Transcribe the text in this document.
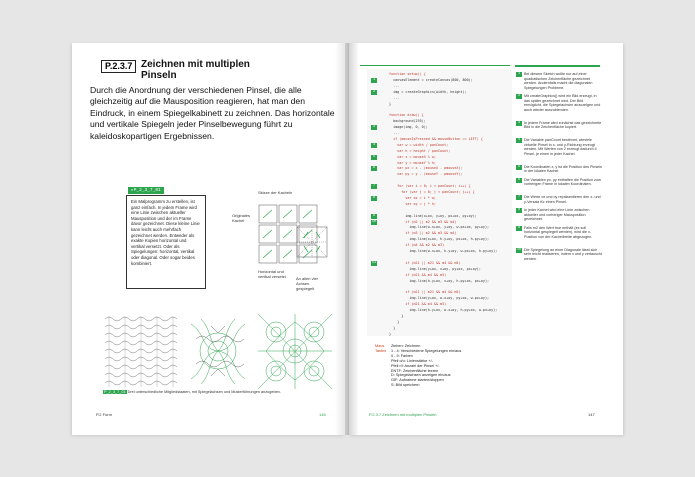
P.2.3.7 Zeichnen mit multiplen Pinseln
Durch die Anordnung der verschiedenen Pinsel, die alle gleichzeitig auf die Mausposition reagieren, hat man den Eindruck, in einem Spiegelkabinett zu zeichnen. Das horizontale und vertikale Spiegeln jeder Pinselbewegung führt zu kaleidoskopartigen Ergebnissen.
▸P_2_3_7_01
Ein Malprogramm zu erstellen, ist ganz einfach. In jedem Frame wird eine Linie zwischen aktueller Mausposition und der im Frame davor gezeichnet. Diese kleine Linie kann leicht auch mehrfach gezeichnet werden. Entweder als exakte Kopien horizontal und vertikal versetzt. Oder als Spiegelungen: horizontal, vertikal oder diagonal. Oder sogar beides kombiniert.
Skizze der Kacheln
Originales Kachel
Horizontal und vertikal versetzt	An allen vier Achsen gespiegelt
P_2_3_7_01 Drei unterschiedliche Mitgliedstaaten, mit Spiegelachsen und Musterführungen anzugeben.
P.2 Form	146
function setup() {
canvasElement = createCanvas(800, 800);
...
img = createGraphics(width, height);
...
}
function draw() {
background(255);
image(img, 0, 0);
...
if (mouseIsPressed && mouseButton == LEFT) {
var w = width / panCount;
var h = height / panCount;
var x = mouseX % w;
var y = mouseY % h;
var px = x - (mouseX - pmouseX);
var py = y - (mouseY - pmouseY);
for (var i = 0; i < panCount; i++) {
for (var j = 0; j < panCount; j++) {
var ox = i * w;
var oy = j * h;
img.line(x+ox, y+oy, px+ox, py+oy);
if (m2 || m2 && m3 && m4)
img.line(w-x+ox, y+oy, w-px+ox, py+oy);
if (m3 || m2 && m3 && m4)
img.line(x+ox, h-y+oy, px+ox, h-py+oy);
if (m4 && m2 && m3)
img.line(w-x+ox, h-y+oy, w-px+ox, h-py+oy);
if (m21 || m21 && m4 && m5)
img.line(y+ox, x+oy, py+ox, px+oy);
if (m21 && m4 && m5)
img.line(h-y+ox, x+oy, h-py+ox, px+oy);
if (m21 || m21 && m4 && m5)
img.line(y+ox, w-x+oy, py+ox, w-px+oy);
if (m21 && m4 && m5)
img.line(h-y+ox, w-x+oy, h-py+ox, w-px+oy);
}
}
}
}
1
2
3
4
5
6
7
8
9
10
11
1	Bei diesem Sketch wollte nur auf einer quadratischen Zeichenfläche gezeichnet werden. Andernfalls macht die diagonalen Spiegelungen Probleme.
2	Mit createGraphics() wird ein Bild erzeugt, in das später gezeichnet wird. Der Bild ermöglicht, die Spiegelachsen anzuzeigen und auch wieder auszublenden.
3	In jedem Frame wird zunächst das gezeichnete Bild in die Zeichenfläche kopiert.
4	Die Variable panCount bestimmt, wieviele virtuelle Pinsel in x- und y-Richtung erzeugt werden. Mit Werten von 2 erzeugt dadurch 4 Pinsel, je einen in jeder Kachel.
5	Die Koordinaten x, y ist die Position des Pinsels in der lokalen Kachel.
6	Die Variablen px, py enthalten die Position zum vorherigen Frame in lokalen Koordinaten.
7	Die Werte ox und oy repräsentieren den x- und y-Versatz für einen Pinsel.
8	In jeder Kachel wird eine Linie zwischen aktueller und vorheriger Mausposition gezeichnet.
9	Falls m2 den Wert true enthält (es soll horizontal gespiegelt werden), wird die x-Position von der Kachelbreite abgezogen.
10 Die Spiegelung an einer Diagonale lässt sich sehr leicht realisieren, indem x und y vertauscht werden.
Maus Ziehen: Zeichnen
Tasten 1 - 4: Verschiedene Spiegelungen ein/aus
0 - 9: Farben
Pfeil o/u: Linienstärke +/-
Pfeil r/l: Anzahl der Pinsel +/-
ENTF: Zeichenfläche leeren
D: Spiegelachsen anzeigen ein/aus
GIF: Aufnahme starten/stoppen
S: Bild speichern
P.2.3.7 Zeichnen mit multiplen Pinseln	147
